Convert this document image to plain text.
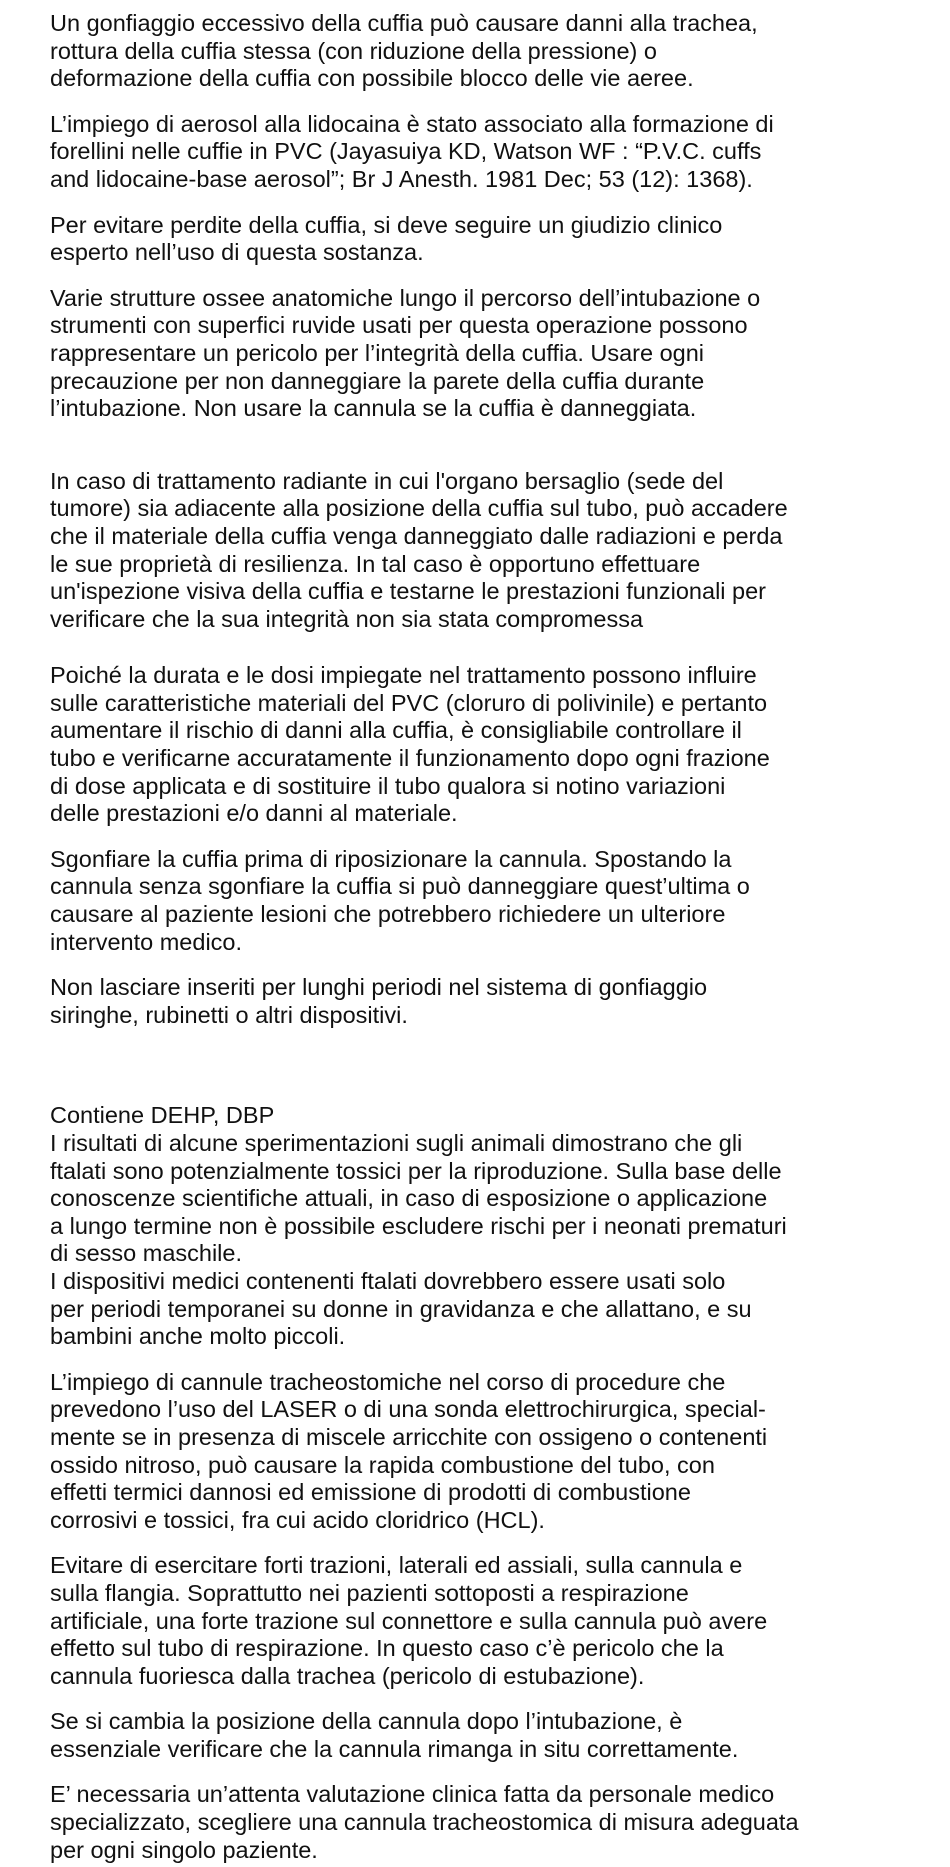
Un gonfiaggio eccessivo della cuffia può causare danni alla trachea,
rottura della cuffia stessa (con riduzione della pressione) o
deformazione della cuffia con possibile blocco delle vie aeree.

L’impiego di aerosol alla lidocaina è stato associato alla formazione di
forellini nelle cuffie in PVC (Jayasuiya KD, Watson WF : “P.V.C. cuffs
and lidocaine-base aerosol”; Br J Anesth. 1981 Dec; 53 (12): 1368).

Per evitare perdite della cuffia, si deve seguire un giudizio clinico
esperto nell’uso di questa sostanza.

Varie strutture ossee anatomiche lungo il percorso dell’intubazione o
strumenti con superfici ruvide usati per questa operazione possono
rappresentare un pericolo per l’integrità della cuffia. Usare ogni
precauzione per non danneggiare la parete della cuffia durante
l’intubazione. Non usare la cannula se la cuffia è danneggiata.

In caso di trattamento radiante in cui l'organo bersaglio (sede del
tumore) sia adiacente alla posizione della cuffia sul tubo, può accadere
che il materiale della cuffia venga danneggiato dalle radiazioni e perda
le sue proprietà di resilienza. In tal caso è opportuno effettuare
un'ispezione visiva della cuffia e testarne le prestazioni funzionali per
verificare che la sua integrità non sia stata compromessa

Poiché la durata e le dosi impiegate nel trattamento possono influire
sulle caratteristiche materiali del PVC (cloruro di polivinile) e pertanto
aumentare il rischio di danni alla cuffia, è consigliabile controllare il
tubo e verificarne accuratamente il funzionamento dopo ogni frazione
di dose applicata e di sostituire il tubo qualora si notino variazioni
delle prestazioni e/o danni al materiale.

Sgonfiare la cuffia prima di riposizionare la cannula. Spostando la
cannula senza sgonfiare la cuffia si può danneggiare quest’ultima o
causare al paziente lesioni che potrebbero richiedere un ulteriore
intervento medico.

Non lasciare inseriti per lunghi periodi nel sistema di gonfiaggio
siringhe, rubinetti o altri dispositivi.

Contiene DEHP, DBP
I risultati di alcune sperimentazioni sugli animali dimostrano che gli
ftalati sono potenzialmente tossici per la riproduzione. Sulla base delle
conoscenze scientifiche attuali, in caso di esposizione o applicazione
a lungo termine non è possibile escludere rischi per i neonati prematuri
di sesso maschile.
I dispositivi medici contenenti ftalati dovrebbero essere usati solo
per periodi temporanei su donne in gravidanza e che allattano, e su
bambini anche molto piccoli.

L’impiego di cannule tracheostomiche nel corso di procedure che
prevedono l’uso del LASER o di una sonda elettrochirurgica, special-
mente se in presenza di miscele arricchite con ossigeno o contenenti
ossido nitroso, può causare la rapida combustione del tubo, con
effetti termici dannosi ed emissione di prodotti di combustione
corrosivi e tossici, fra cui acido cloridrico (HCL).

Evitare di esercitare forti trazioni, laterali ed assiali, sulla cannula e
sulla flangia. Soprattutto nei pazienti sottoposti a respirazione
artificiale, una forte trazione sul connettore e sulla cannula può avere
effetto sul tubo di respirazione. In questo caso c’è pericolo che la
cannula fuoriesca dalla trachea (pericolo di estubazione).

Se si cambia la posizione della cannula dopo l’intubazione, è
essenziale verificare che la cannula rimanga in situ correttamente.

E’ necessaria un’attenta valutazione clinica fatta da personale medico
specializzato, scegliere una cannula tracheostomica di misura adeguata
per ogni singolo paziente.
